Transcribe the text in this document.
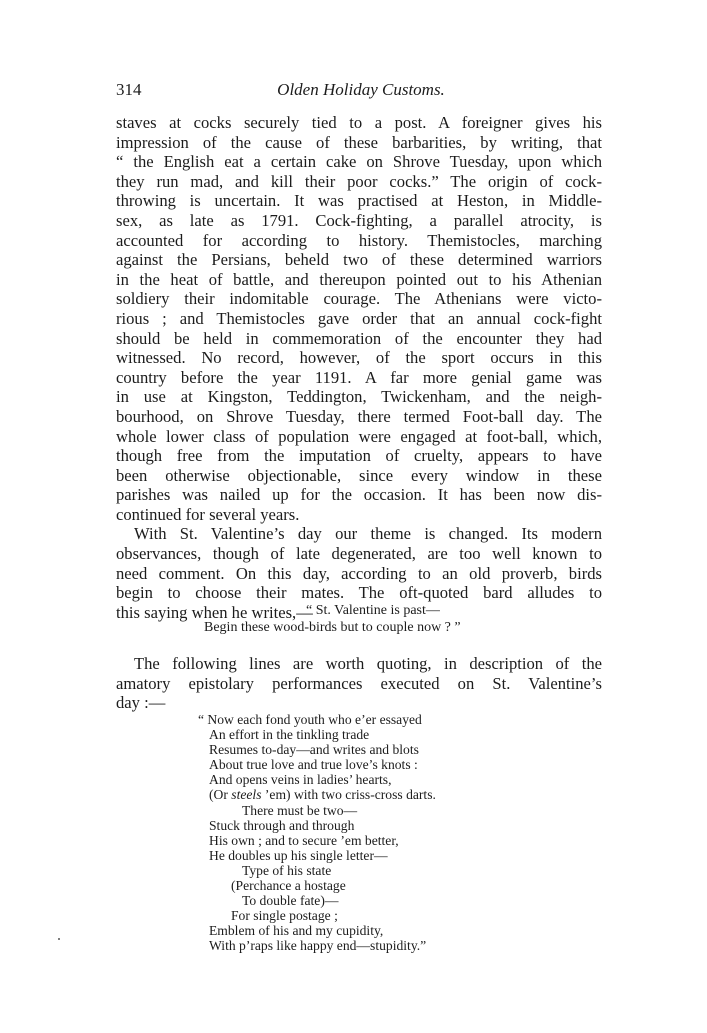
314	Olden Holiday Customs.
staves at cocks securely tied to a post. A foreigner gives his
impression of the cause of these barbarities, by writing, that
“ the English eat a certain cake on Shrove Tuesday, upon which
they run mad, and kill their poor cocks.” The origin of cock-
throwing is uncertain. It was practised at Heston, in Middle-
sex, as late as 1791. Cock-fighting, a parallel atrocity, is
accounted for according to history. Themistocles, marching
against the Persians, beheld two of these determined warriors
in the heat of battle, and thereupon pointed out to his Athenian
soldiery their indomitable courage. The Athenians were victo-
rious ; and Themistocles gave order that an annual cock-fight
should be held in commemoration of the encounter they had
witnessed. No record, however, of the sport occurs in this
country before the year 1191. A far more genial game was
in use at Kingston, Teddington, Twickenham, and the neigh-
bourhood, on Shrove Tuesday, there termed Foot-ball day. The
whole lower class of population were engaged at foot-ball, which,
though free from the imputation of cruelty, appears to have
been otherwise objectionable, since every window in these
parishes was nailed up for the occasion. It has been now dis-
continued for several years.
With St. Valentine’s day our theme is changed. Its modern
observances, though of late degenerated, are too well known to
need comment. On this day, according to an old proverb, birds
begin to choose their mates. The oft-quoted bard alludes to
this saying when he writes,—
“ St. Valentine is past—
Begin these wood-birds but to couple now ? ”
The following lines are worth quoting, in description of the
amatory epistolary performances executed on St. Valentine’s
day :—
“ Now each fond youth who e’er essayed
An effort in the tinkling trade
Resumes to-day—and writes and blots
About true love and true love’s knots :
And opens veins in ladies’ hearts,
(Or steels ’em) with two criss-cross darts.
There must be two—
Stuck through and through
His own ; and to secure ’em better,
He doubles up his single letter—
Type of his state
(Perchance a hostage
To double fate)—
For single postage ;
Emblem of his and my cupidity,
With p’raps like happy end—stupidity.”
